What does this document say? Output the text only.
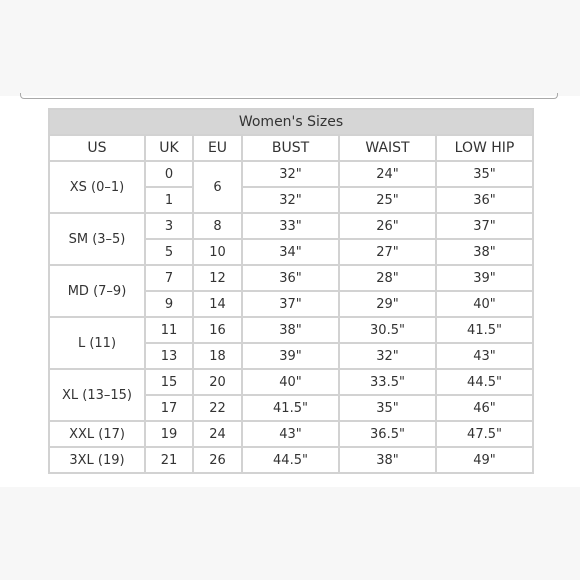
Women's Sizes					
US	UK	EU	BUST	WAIST	LOW HIP
XS (0–1)	0	6	32"	24"	35"
	1		32"	25"	36"
SM (3–5)	3	8	33"	26"	37"
	5	10	34"	27"	38"
MD (7–9)	7	12	36"	28"	39"
	9	14	37"	29"	40"
L (11)	11	16	38"	30.5"	41.5"
	13	18	39"	32"	43"
XL (13–15)	15	20	40"	33.5"	44.5"
	17	22	41.5"	35"	46"
XXL (17)	19	24	43"	36.5"	47.5"
3XL (19)	21	26	44.5"	38"	49"
